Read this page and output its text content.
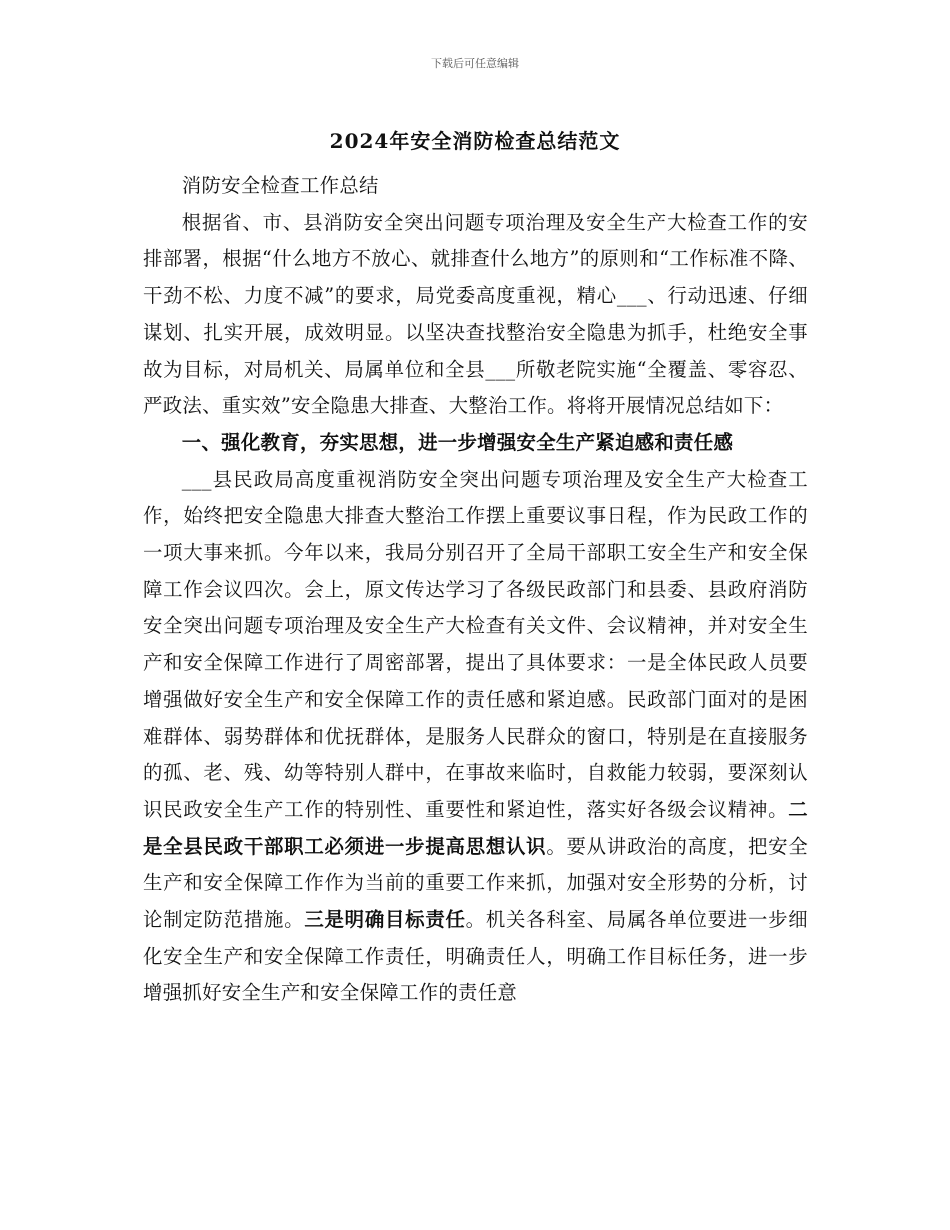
下载后可任意编辑
2024年安全消防检查总结范文

消防安全检查工作总结

根据省、市、县消防安全突出问题专项治理及安全生产大检查工作的安排部署，根据“什么地方不放心、就排查什么地方”的原则和“工作标准不降、干劲不松、力度不减”的要求，局党委高度重视，精心___、行动迅速、仔细谋划、扎实开展，成效明显。以坚决查找整治安全隐患为抓手，杜绝安全事故为目标，对局机关、局属单位和全县___所敬老院实施“全覆盖、零容忍、严政法、重实效”安全隐患大排查、大整治工作。将将开展情况总结如下：

一、强化教育，夯实思想，进一步增强安全生产紧迫感和责任感

___县民政局高度重视消防安全突出问题专项治理及安全生产大检查工作，始终把安全隐患大排查大整治工作摆上重要议事日程，作为民政工作的一项大事来抓。今年以来，我局分别召开了全局干部职工安全生产和安全保障工作会议四次。会上，原文传达学习了各级民政部门和县委、县政府消防安全突出问题专项治理及安全生产大检查有关文件、会议精神，并对安全生产和安全保障工作进行了周密部署，提出了具体要求：一是全体民政人员要增强做好安全生产和安全保障工作的责任感和紧迫感。民政部门面对的是困难群体、弱势群体和优抚群体，是服务人民群众的窗口，特别是在直接服务的孤、老、残、幼等特别人群中，在事故来临时，自救能力较弱，要深刻认识民政安全生产工作的特别性、重要性和紧迫性，落实好各级会议精神。二是全县民政干部职工必须进一步提高思想认识。要从讲政治的高度，把安全生产和安全保障工作作为当前的重要工作来抓，加强对安全形势的分析，讨论制定防范措施。三是明确目标责任。机关各科室、局属各单位要进一步细化安全生产和安全保障工作责任，明确责任人，明确工作目标任务，进一步增强抓好安全生产和安全保障工作的责任意
